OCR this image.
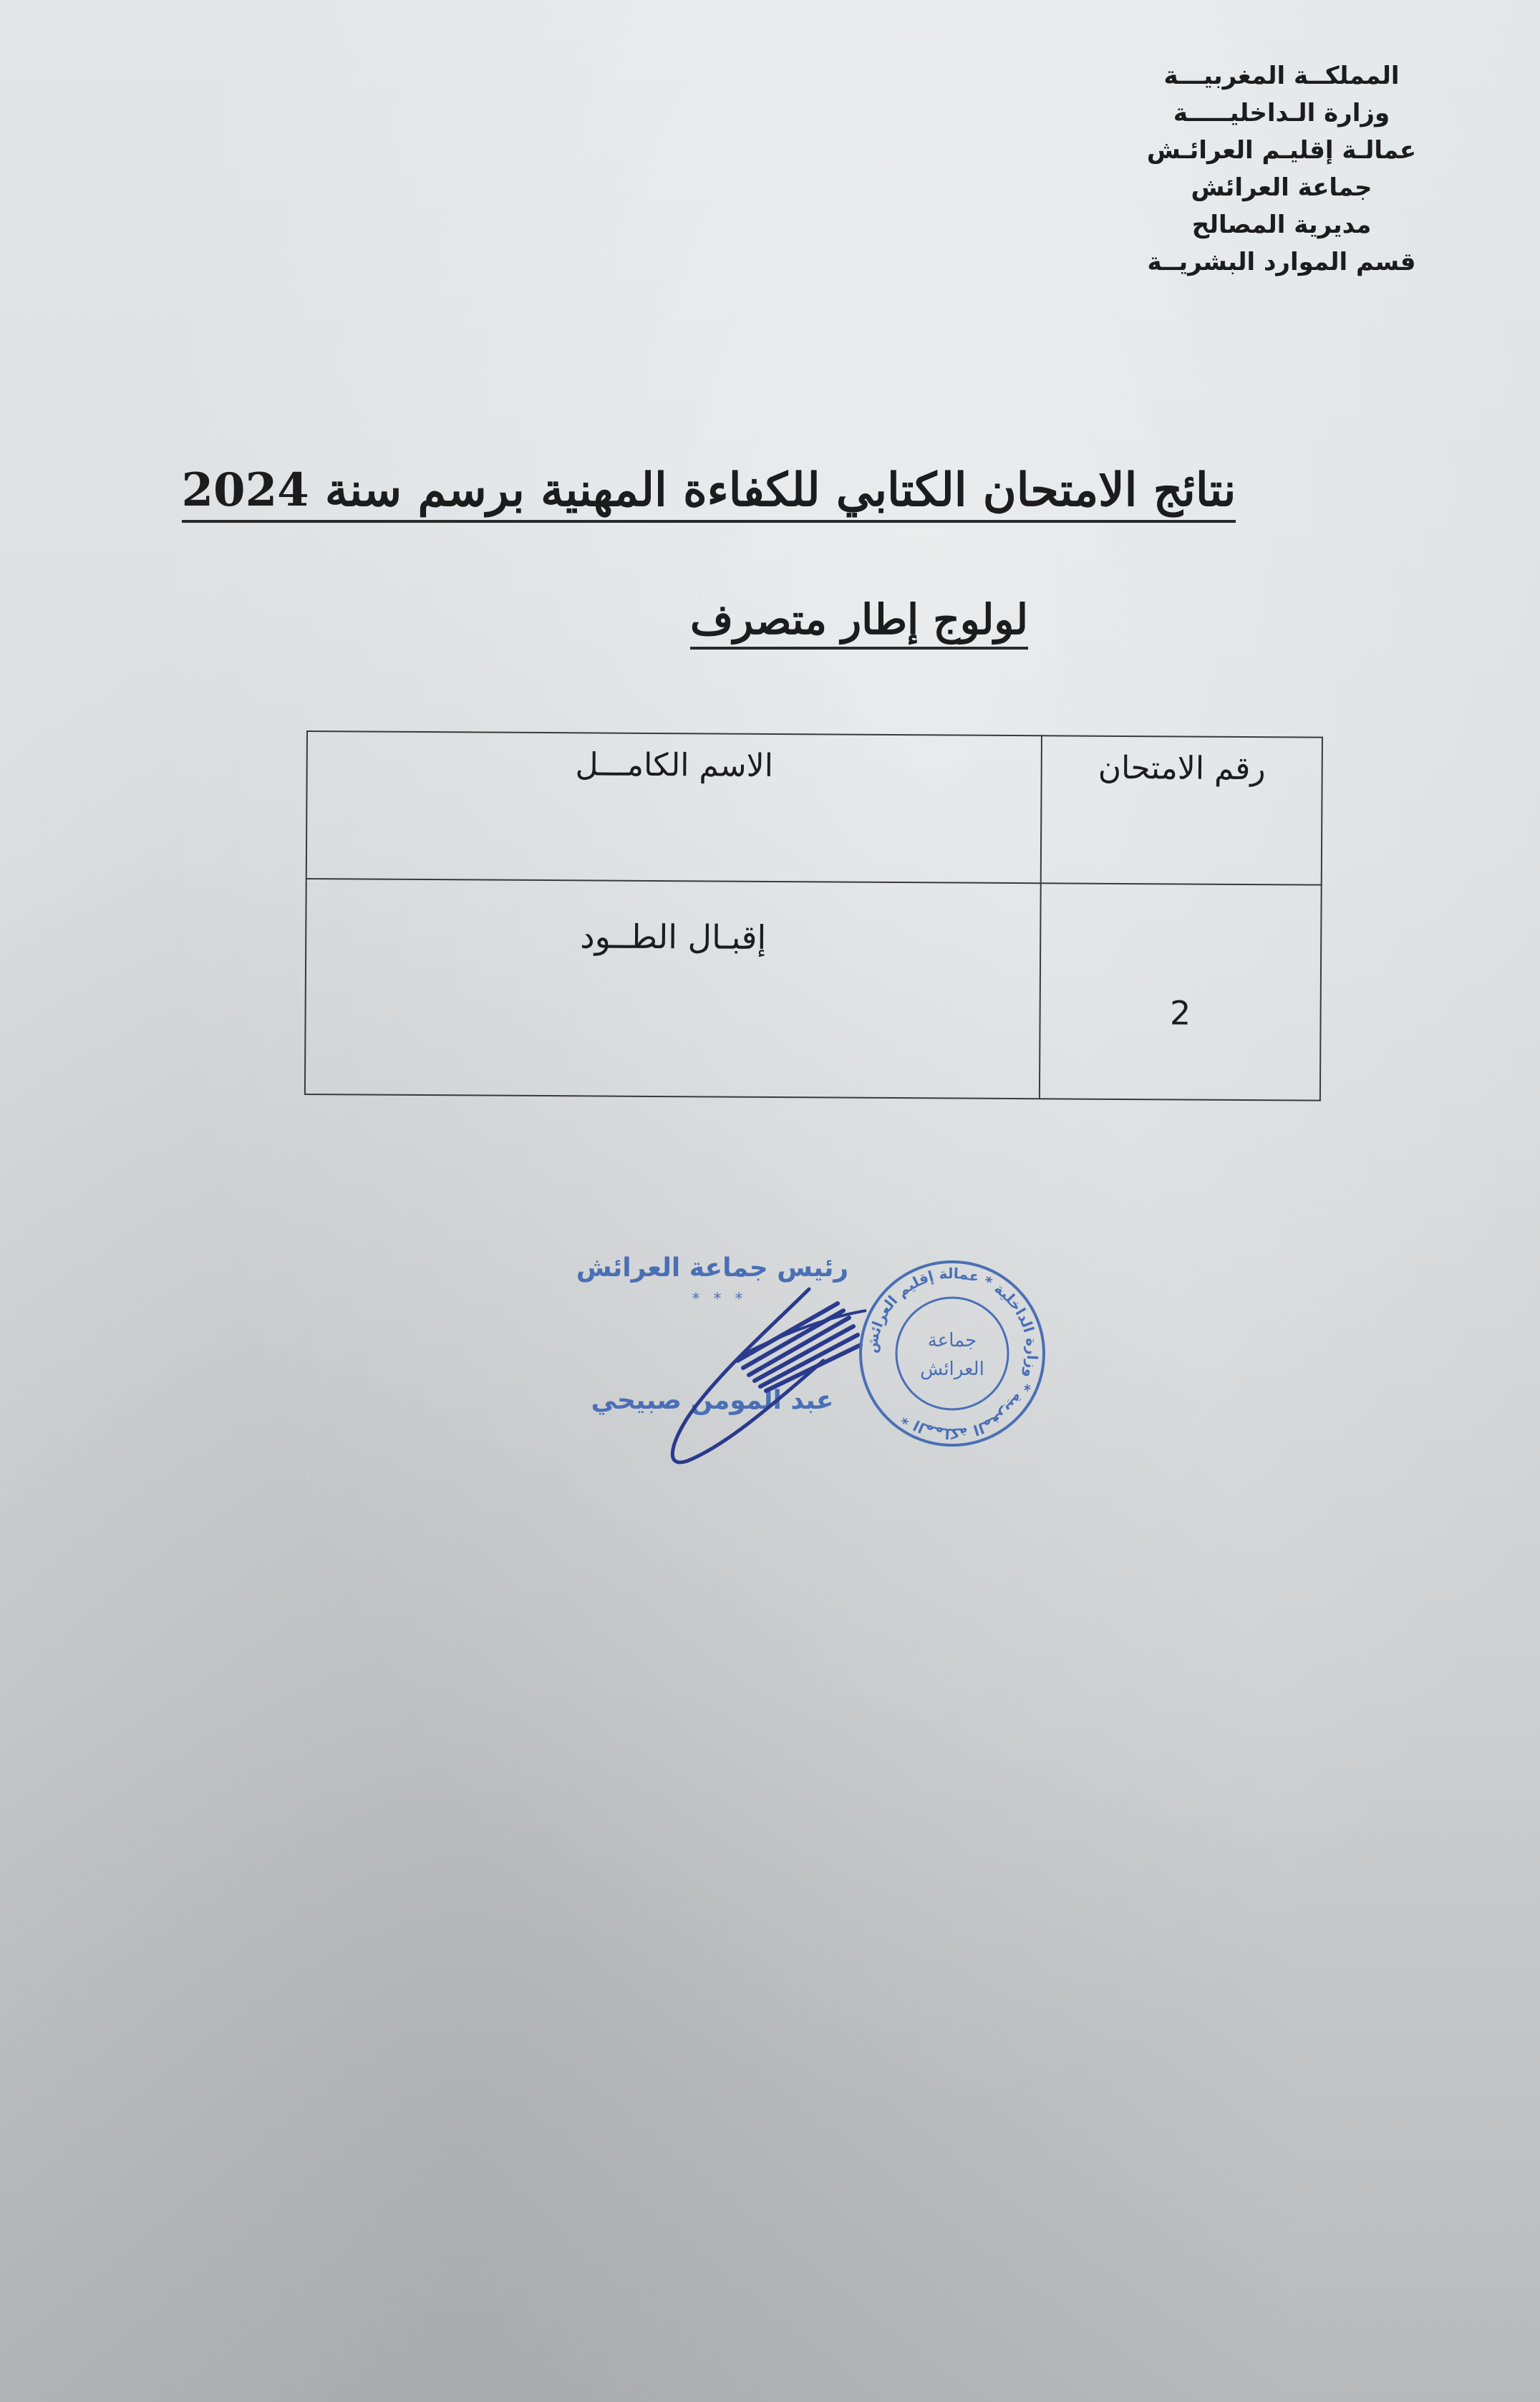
المملكــة المغربيـــة
وزارة الـداخليـــــة
عمالـة إقليـم العرائـش
جماعة العرائش
مديرية المصالح
قسم الموارد البشريــة
نتائج الامتحان الكتابي للكفاءة المهنية برسم سنة 2024
لولوج إطار متصرف
رقم الامتحان	الاسم الكامـــل
2	إقبـال الطــود
رئيس جماعة العرائش
* * *
عبد المومن صبيحي
المملكة المغربية * وزارة الداخلية * عمالة إقليم العرائش *
جماعة
العرائش
